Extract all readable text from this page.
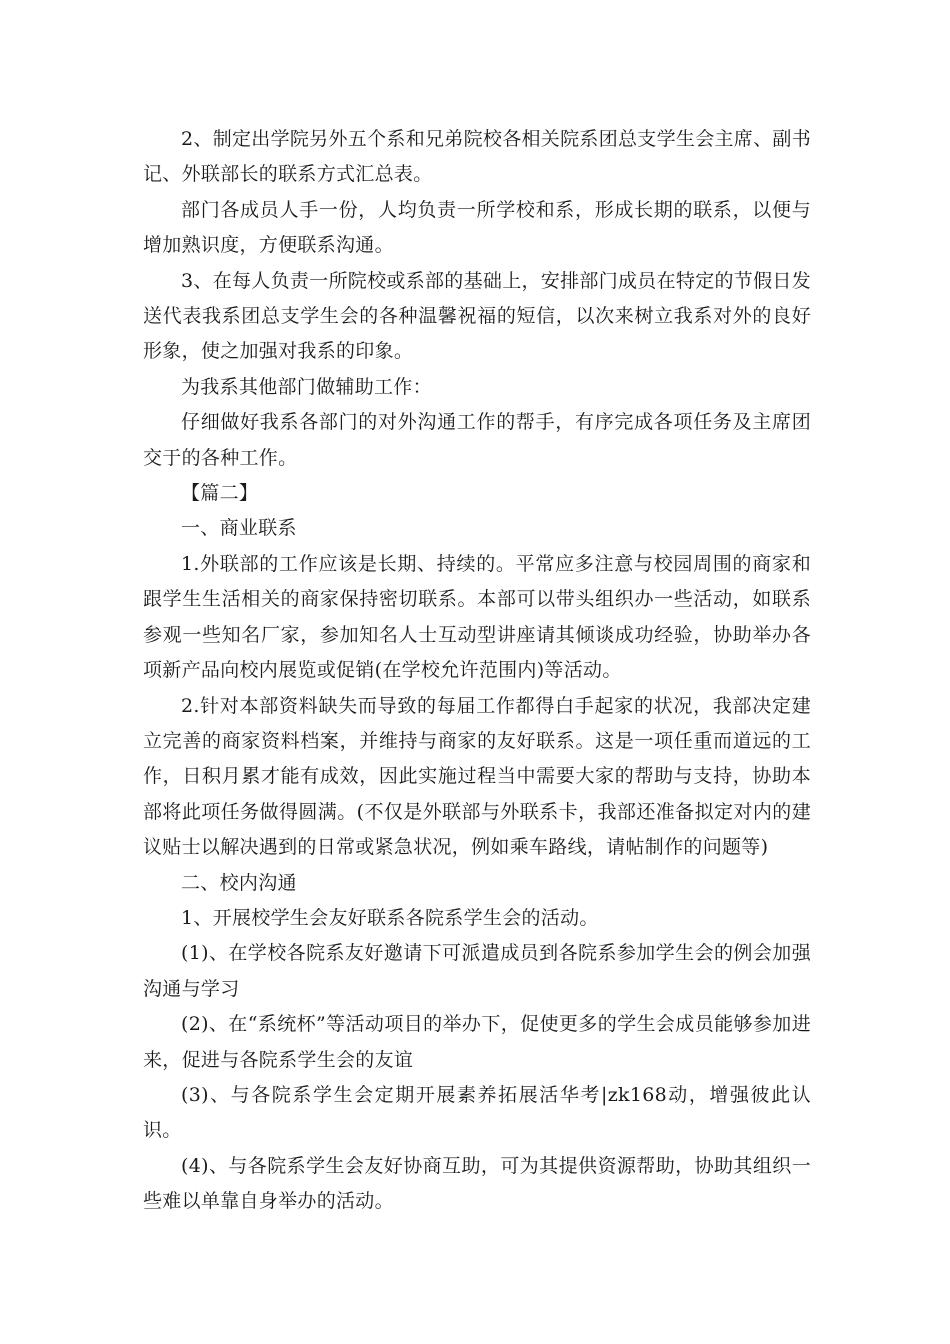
2、制定出学院另外五个系和兄弟院校各相关院系团总支学生会主席、副书记、外联部长的联系方式汇总表。

部门各成员人手一份，人均负责一所学校和系，形成长期的联系，以便与增加熟识度，方便联系沟通。

3、在每人负责一所院校或系部的基础上，安排部门成员在特定的节假日发送代表我系团总支学生会的各种温馨祝福的短信，以次来树立我系对外的良好形象，使之加强对我系的印象。

为我系其他部门做辅助工作：

仔细做好我系各部门的对外沟通工作的帮手，有序完成各项任务及主席团交于的各种工作。

【篇二】

一、商业联系

1.外联部的工作应该是长期、持续的。平常应多注意与校园周围的商家和跟学生生活相关的商家保持密切联系。本部可以带头组织办一些活动，如联系参观一些知名厂家，参加知名人士互动型讲座请其倾谈成功经验，协助举办各项新产品向校内展览或促销(在学校允许范围内)等活动。

2.针对本部资料缺失而导致的每届工作都得白手起家的状况，我部决定建立完善的商家资料档案，并维持与商家的友好联系。这是一项任重而道远的工作，日积月累才能有成效，因此实施过程当中需要大家的帮助与支持，协助本部将此项任务做得圆满。(不仅是外联部与外联系卡，我部还准备拟定对内的建议贴士以解决遇到的日常或紧急状况，例如乘车路线，请帖制作的问题等)

二、校内沟通

1、开展校学生会友好联系各院系学生会的活动。

(1)、在学校各院系友好邀请下可派遣成员到各院系参加学生会的例会加强沟通与学习

(2)、在“系统杯”等活动项目的举办下，促使更多的学生会成员能够参加进来，促进与各院系学生会的友谊

(3)、与各院系学生会定期开展素养拓展活华考|zk168动，增强彼此认识。

(4)、与各院系学生会友好协商互助，可为其提供资源帮助，协助其组织一些难以单靠自身举办的活动。
